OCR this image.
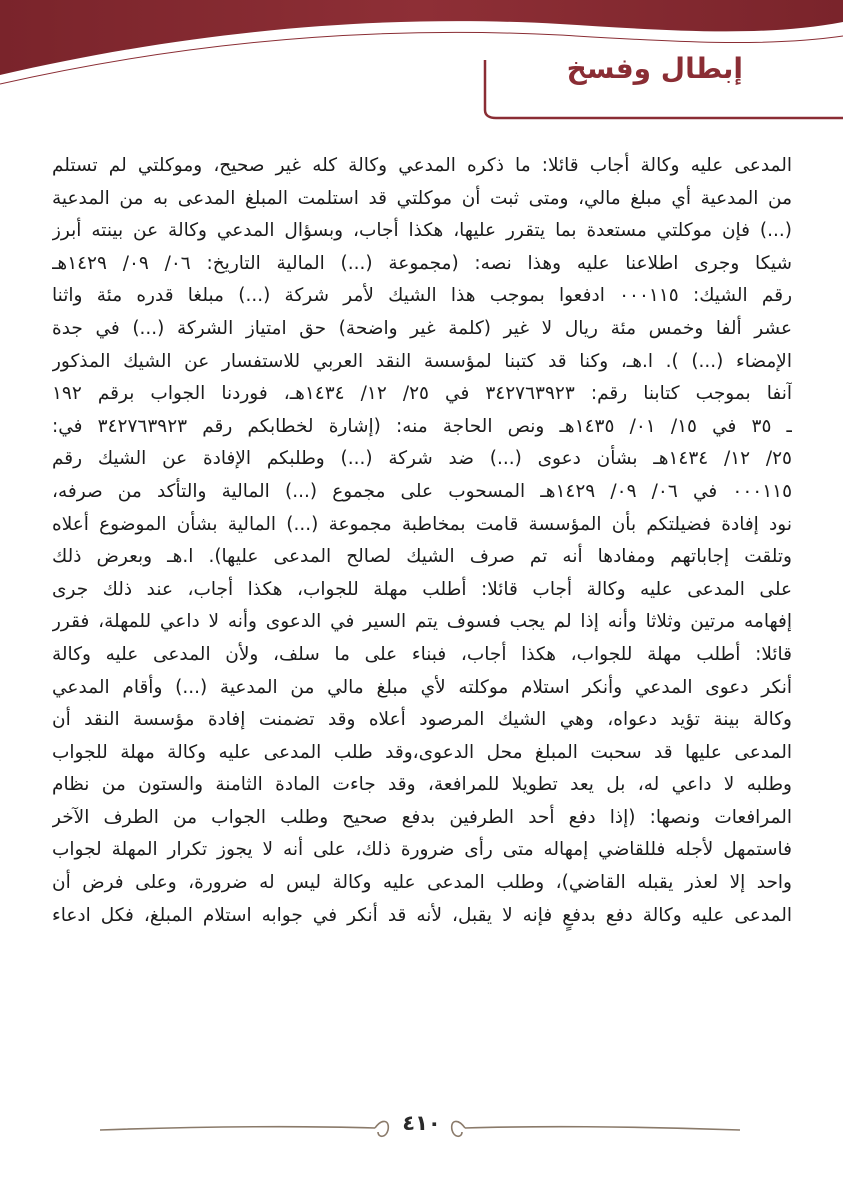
إبطال وفسخ
المدعى عليه وكالة أجاب قائلا: ما ذكره المدعي وكالة كله غير صحيح، وموكلتي لم تستلم
من المدعية أي مبلغ مالي، ومتى ثبت أن موكلتي قد استلمت المبلغ المدعى به من المدعية
(...) فإن موكلتي مستعدة بما يتقرر عليها، هكذا أجاب، وبسؤال المدعي وكالة عن بينته أبرز
شيكا وجرى اطلاعنا عليه وهذا نصه: (مجموعة (...) المالية التاريخ: ٠٦/ ٠٩/ ١٤٢٩هـ
رقم الشيك: ٠٠٠١١٥ ادفعوا بموجب هذا الشيك لأمر شركة (...) مبلغا قدره مئة واثنا
عشر ألفا وخمس مئة ريال لا غير (كلمة غير واضحة) حق امتياز الشركة (...) في جدة
الإمضاء (...) ). ا.هـ، وكنا قد كتبنا لمؤسسة النقد العربي للاستفسار عن الشيك المذكور
آنفا بموجب كتابنا رقم: ٣٤٢٧٦٣٩٢٣ في ٢٥/ ١٢/ ١٤٣٤هـ، فوردنا الجواب برقم ١٩٢
ـ ٣٥ في ١٥/ ٠١/ ١٤٣٥هـ ونص الحاجة منه: (إشارة لخطابكم رقم ٣٤٢٧٦٣٩٢٣ في:
٢٥/ ١٢/ ١٤٣٤هـ بشأن دعوى (...) ضد شركة (...) وطلبكم الإفادة عن الشيك رقم
٠٠٠١١٥ في ٠٦/ ٠٩/ ١٤٢٩هـ المسحوب على مجموع (...) المالية والتأكد من صرفه،
نود إفادة فضيلتكم بأن المؤسسة قامت بمخاطبة مجموعة (...) المالية بشأن الموضوع أعلاه
وتلقت إجاباتهم ومفادها أنه تم صرف الشيك لصالح المدعى عليها). ا.هـ وبعرض ذلك
على المدعى عليه وكالة أجاب قائلا: أطلب مهلة للجواب، هكذا أجاب، عند ذلك جرى
إفهامه مرتين وثلاثا وأنه إذا لم يجب فسوف يتم السير في الدعوى وأنه لا داعي للمهلة، فقرر
قائلا: أطلب مهلة للجواب، هكذا أجاب، فبناء على ما سلف، ولأن المدعى عليه وكالة
أنكر دعوى المدعي وأنكر استلام موكلته لأي مبلغ مالي من المدعية (...) وأقام المدعي
وكالة بينة تؤيد دعواه، وهي الشيك المرصود أعلاه وقد تضمنت إفادة مؤسسة النقد أن
المدعى عليها قد سحبت المبلغ محل الدعوى،وقد طلب المدعى عليه وكالة مهلة للجواب
وطلبه لا داعي له، بل يعد تطويلا للمرافعة، وقد جاءت المادة الثامنة والستون من نظام
المرافعات ونصها: (إذا دفع أحد الطرفين بدفع صحيح وطلب الجواب من الطرف الآخر
فاستمهل لأجله فللقاضي إمهاله متى رأى ضرورة ذلك، على أنه لا يجوز تكرار المهلة لجواب
واحد إلا لعذر يقبله القاضي)، وطلب المدعى عليه وكالة ليس له ضرورة، وعلى فرض أن
المدعى عليه وكالة دفع بدفعٍ فإنه لا يقبل، لأنه قد أنكر في جوابه استلام المبلغ، فكل ادعاء
٤١٠
